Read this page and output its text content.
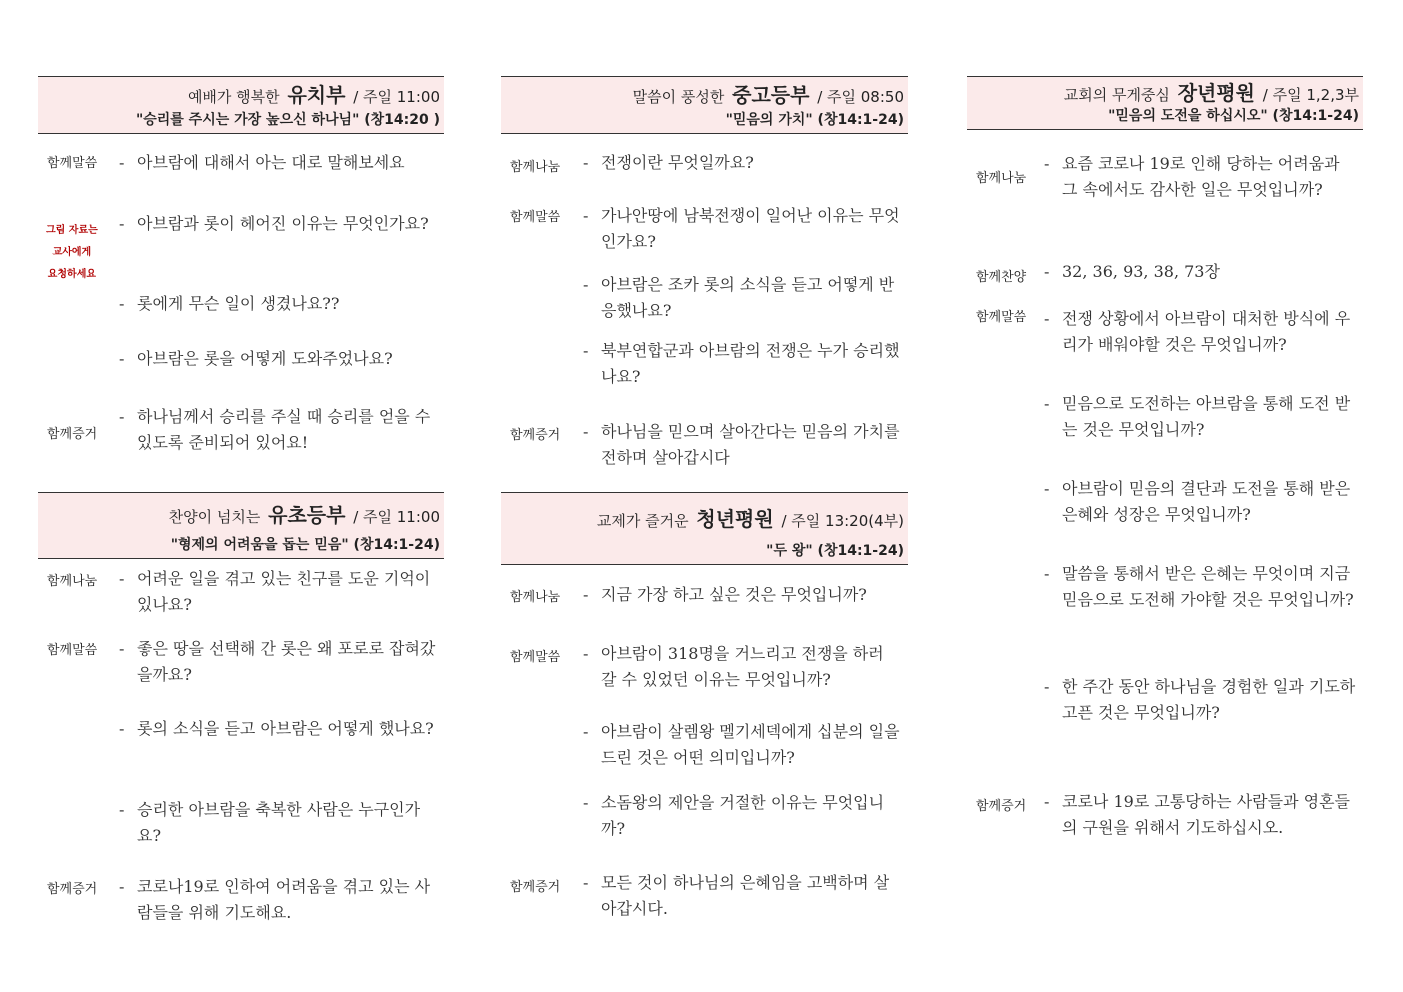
예배가 행복한 유치부 / 주일 11:00
"승리를 주시는 가장 높으신 하나님" (창14:20 )
함께말씀 - 아브람에 대해서 아는 대로 말해보세요
그림 자료는
교사에게
요청하세요
- 아브람과 롯이 헤어진 이유는 무엇인가요?
- 롯에게 무슨 일이 생겼나요??
- 아브람은 롯을 어떻게 도와주었나요?
함께증거
- 하나님께서 승리를 주실 때 승리를 얻을 수 있도록 준비되어 있어요!
찬양이 넘치는 유초등부 / 주일 11:00
"형제의 어려움을 돕는 믿음" (창14:1-24)
함께나눔 - 어려운 일을 겪고 있는 친구를 도운 기억이 있나요?
함께말씀 - 좋은 땅을 선택해 간 롯은 왜 포로로 잡혀갔을까요?
- 롯의 소식을 듣고 아브람은 어떻게 했나요?
- 승리한 아브람을 축복한 사람은 누구인가요?
함께증거 - 코로나19로 인하여 어려움을 겪고 있는 사람들을 위해 기도해요.
말씀이 풍성한 중고등부 / 주일 08:50
"믿음의 가치" (창14:1-24)
함께나눔 - 전쟁이란 무엇일까요?
함께말씀 - 가나안땅에 남북전쟁이 일어난 이유는 무엇인가요?
- 아브람은 조카 롯의 소식을 듣고 어떻게 반응했나요?
- 북부연합군과 아브람의 전쟁은 누가 승리했나요?
함께증거 - 하나님을 믿으며 살아간다는 믿음의 가치를 전하며 살아갑시다
교제가 즐거운 청년평원 / 주일 13:20(4부)
"두 왕" (창14:1-24)
함께나눔 - 지금 가장 하고 싶은 것은 무엇입니까?
함께말씀 - 아브람이 318명을 거느리고 전쟁을 하러 갈 수 있었던 이유는 무엇입니까?
- 아브람이 살렘왕 멜기세덱에게 십분의 일을 드린 것은 어떤 의미입니까?
- 소돔왕의 제안을 거절한 이유는 무엇입니까?
함께증거 - 모든 것이 하나님의 은혜임을 고백하며 살아갑시다.
교회의 무게중심 장년평원 / 주일 1,2,3부
"믿음의 도전을 하십시오" (창14:1-24)
함께나눔
- 요즘 코로나 19로 인해 당하는 어려움과 그 속에서도 감사한 일은 무엇입니까?
함께찬양 - 32, 36, 93, 38, 73장
함께말씀 - 전쟁 상황에서 아브람이 대처한 방식에 우리가 배워야할 것은 무엇입니까?
- 믿음으로 도전하는 아브람을 통해 도전 받는 것은 무엇입니까?
- 아브람이 믿음의 결단과 도전을 통해 받은 은혜와 성장은 무엇입니까?
- 말씀을 통해서 받은 은혜는 무엇이며 지금 믿음으로 도전해 가야할 것은 무엇입니까?
- 한 주간 동안 하나님을 경험한 일과 기도하고픈 것은 무엇입니까?
함께증거 - 코로나 19로 고통당하는 사람들과 영혼들의 구원을 위해서 기도하십시오.
